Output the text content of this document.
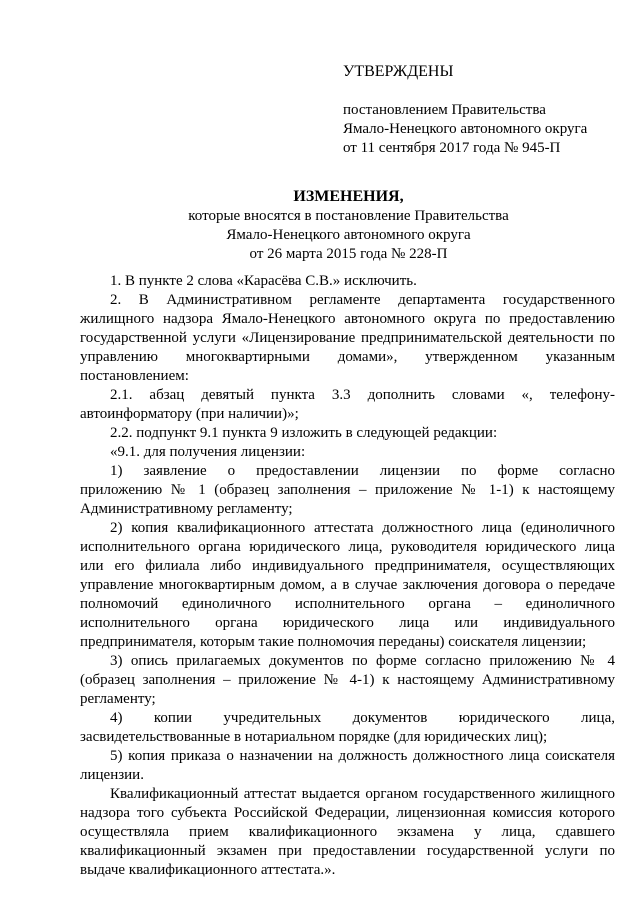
УТВЕРЖДЕНЫ
постановлением Правительства
Ямало-Ненецкого автономного округа
от 11 сентября 2017 года № 945-П
ИЗМЕНЕНИЯ,
которые вносятся в постановление Правительства
Ямало-Ненецкого автономного округа
от 26 марта 2015 года № 228-П
1. В пункте 2 слова «Карасёва С.В.» исключить.
2. В Административном регламенте департамента государственного
жилищного надзора Ямало-Ненецкого автономного округа по предоставлению
государственной услуги «Лицензирование предпринимательской деятельности по
управлению многоквартирными домами», утвержденном указанным
постановлением:
2.1. абзац девятый пункта 3.3 дополнить словами «, телефону-
автоинформатору (при наличии)»;
2.2. подпункт 9.1 пункта 9 изложить в следующей редакции:
«9.1. для получения лицензии:
1) заявление о предоставлении лицензии по форме согласно
приложению № 1 (образец заполнения – приложение № 1-1) к настоящему
Административному регламенту;
2) копия квалификационного аттестата должностного лица (единоличного
исполнительного органа юридического лица, руководителя юридического лица
или его филиала либо индивидуального предпринимателя, осуществляющих
управление многоквартирным домом, а в случае заключения договора о передаче
полномочий единоличного исполнительного органа – единоличного
исполнительного органа юридического лица или индивидуального
предпринимателя, которым такие полномочия переданы) соискателя лицензии;
3) опись прилагаемых документов по форме согласно приложению № 4
(образец заполнения – приложение № 4-1) к настоящему Административному
регламенту;
4) копии учредительных документов юридического лица,
засвидетельствованные в нотариальном порядке (для юридических лиц);
5) копия приказа о назначении на должность должностного лица соискателя
лицензии.
Квалификационный аттестат выдается органом государственного жилищного
надзора того субъекта Российской Федерации, лицензионная комиссия которого
осуществляла прием квалификационного экзамена у лица, сдавшего
квалификационный экзамен при предоставлении государственной услуги по
выдаче квалификационного аттестата.».
